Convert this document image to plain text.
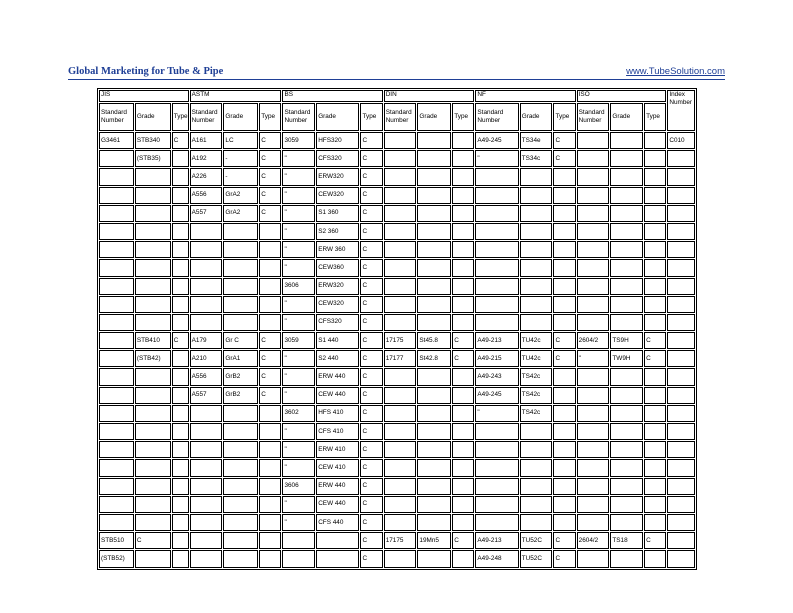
Global Marketing for Tube & Pipe	www.TubeSolution.com
JIS			ASTM			BS			DIN			NF			ISO			Index Number
Standard Number	Grade	Type	Standard Number	Grade	Type	Standard Number	Grade	Type	Standard Number	Grade	Type	Standard Number	Grade	Type	Standard Number	Grade	Type	
G3461	STB340	C	A161	LC	C	3059	HFS320	C				A49-245	TS34e	C				C010
	(STB35)		A192	-	C	"	CFS320	C				"	TS34c	C				
			A226	-	C	"	ERW320	C										
			A556	GrA2	C	"	CEW320	C										
			A557	GrA2	C	"	S1 360	C										
						"	S2 360	C										
						"	ERW 360	C										
						"	CEW360	C										
						3606	ERW320	C										
						"	CEW320	C										
						"	CFS320	C										
	STB410	C	A179	Gr C	C	3059	S1 440	C	17175	St45.8	C	A49-213	TU42c	C	2604/2	TS9H	C	
	(STB42)		A210	GrA1	C	"	S2 440	C	17177	St42.8	C	A49-215	TU42c	C	"	TW9H	C	
			A556	GrB2	C	"	ERW 440	C				A49-243	TS42c					
			A557	GrB2	C	"	CEW 440	C				A49-245	TS42c					
						3602	HFS 410	C				"	TS42c					
						"	CFS 410	C										
						"	ERW 410	C										
						"	CEW 410	C										
						3606	ERW 440	C										
						"	CEW 440	C										
						"	CFS 440	C										
STB510	C							C	17175	19Mn5	C	A49-213	TU52C	C	2604/2	TS18	C	
(STB52)								C				A49-248	TU52C	C				
